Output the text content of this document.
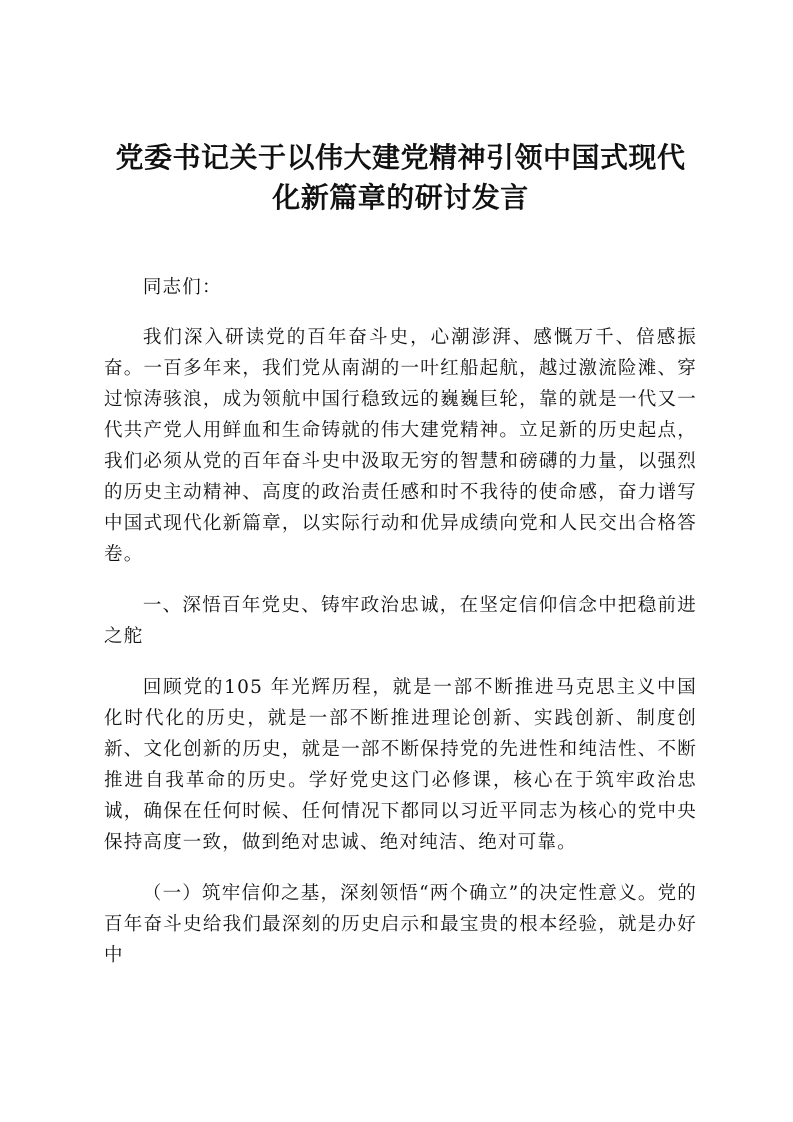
党委书记关于以伟大建党精神引领中国式现代
化新篇章的研讨发言

同志们：

我们深入研读党的百年奋斗史，心潮澎湃、感慨万千、倍感振奋。一百多年来，我们党从南湖的一叶红船起航，越过激流险滩、穿过惊涛骇浪，成为领航中国行稳致远的巍巍巨轮，靠的就是一代又一代共产党人用鲜血和生命铸就的伟大建党精神。立足新的历史起点，我们必须从党的百年奋斗史中汲取无穷的智慧和磅礴的力量，以强烈的历史主动精神、高度的政治责任感和时不我待的使命感，奋力谱写中国式现代化新篇章，以实际行动和优异成绩向党和人民交出合格答卷。

一、深悟百年党史、铸牢政治忠诚，在坚定信仰信念中把稳前进之舵

回顾党的105 年光辉历程，就是一部不断推进马克思主义中国化时代化的历史，就是一部不断推进理论创新、实践创新、制度创新、文化创新的历史，就是一部不断保持党的先进性和纯洁性、不断推进自我革命的历史。学好党史这门必修课，核心在于筑牢政治忠诚，确保在任何时候、任何情况下都同以习近平同志为核心的党中央保持高度一致，做到绝对忠诚、绝对纯洁、绝对可靠。

（一）筑牢信仰之基，深刻领悟“两个确立”的决定性意义。党的百年奋斗史给我们最深刻的历史启示和最宝贵的根本经验，就是办好中
